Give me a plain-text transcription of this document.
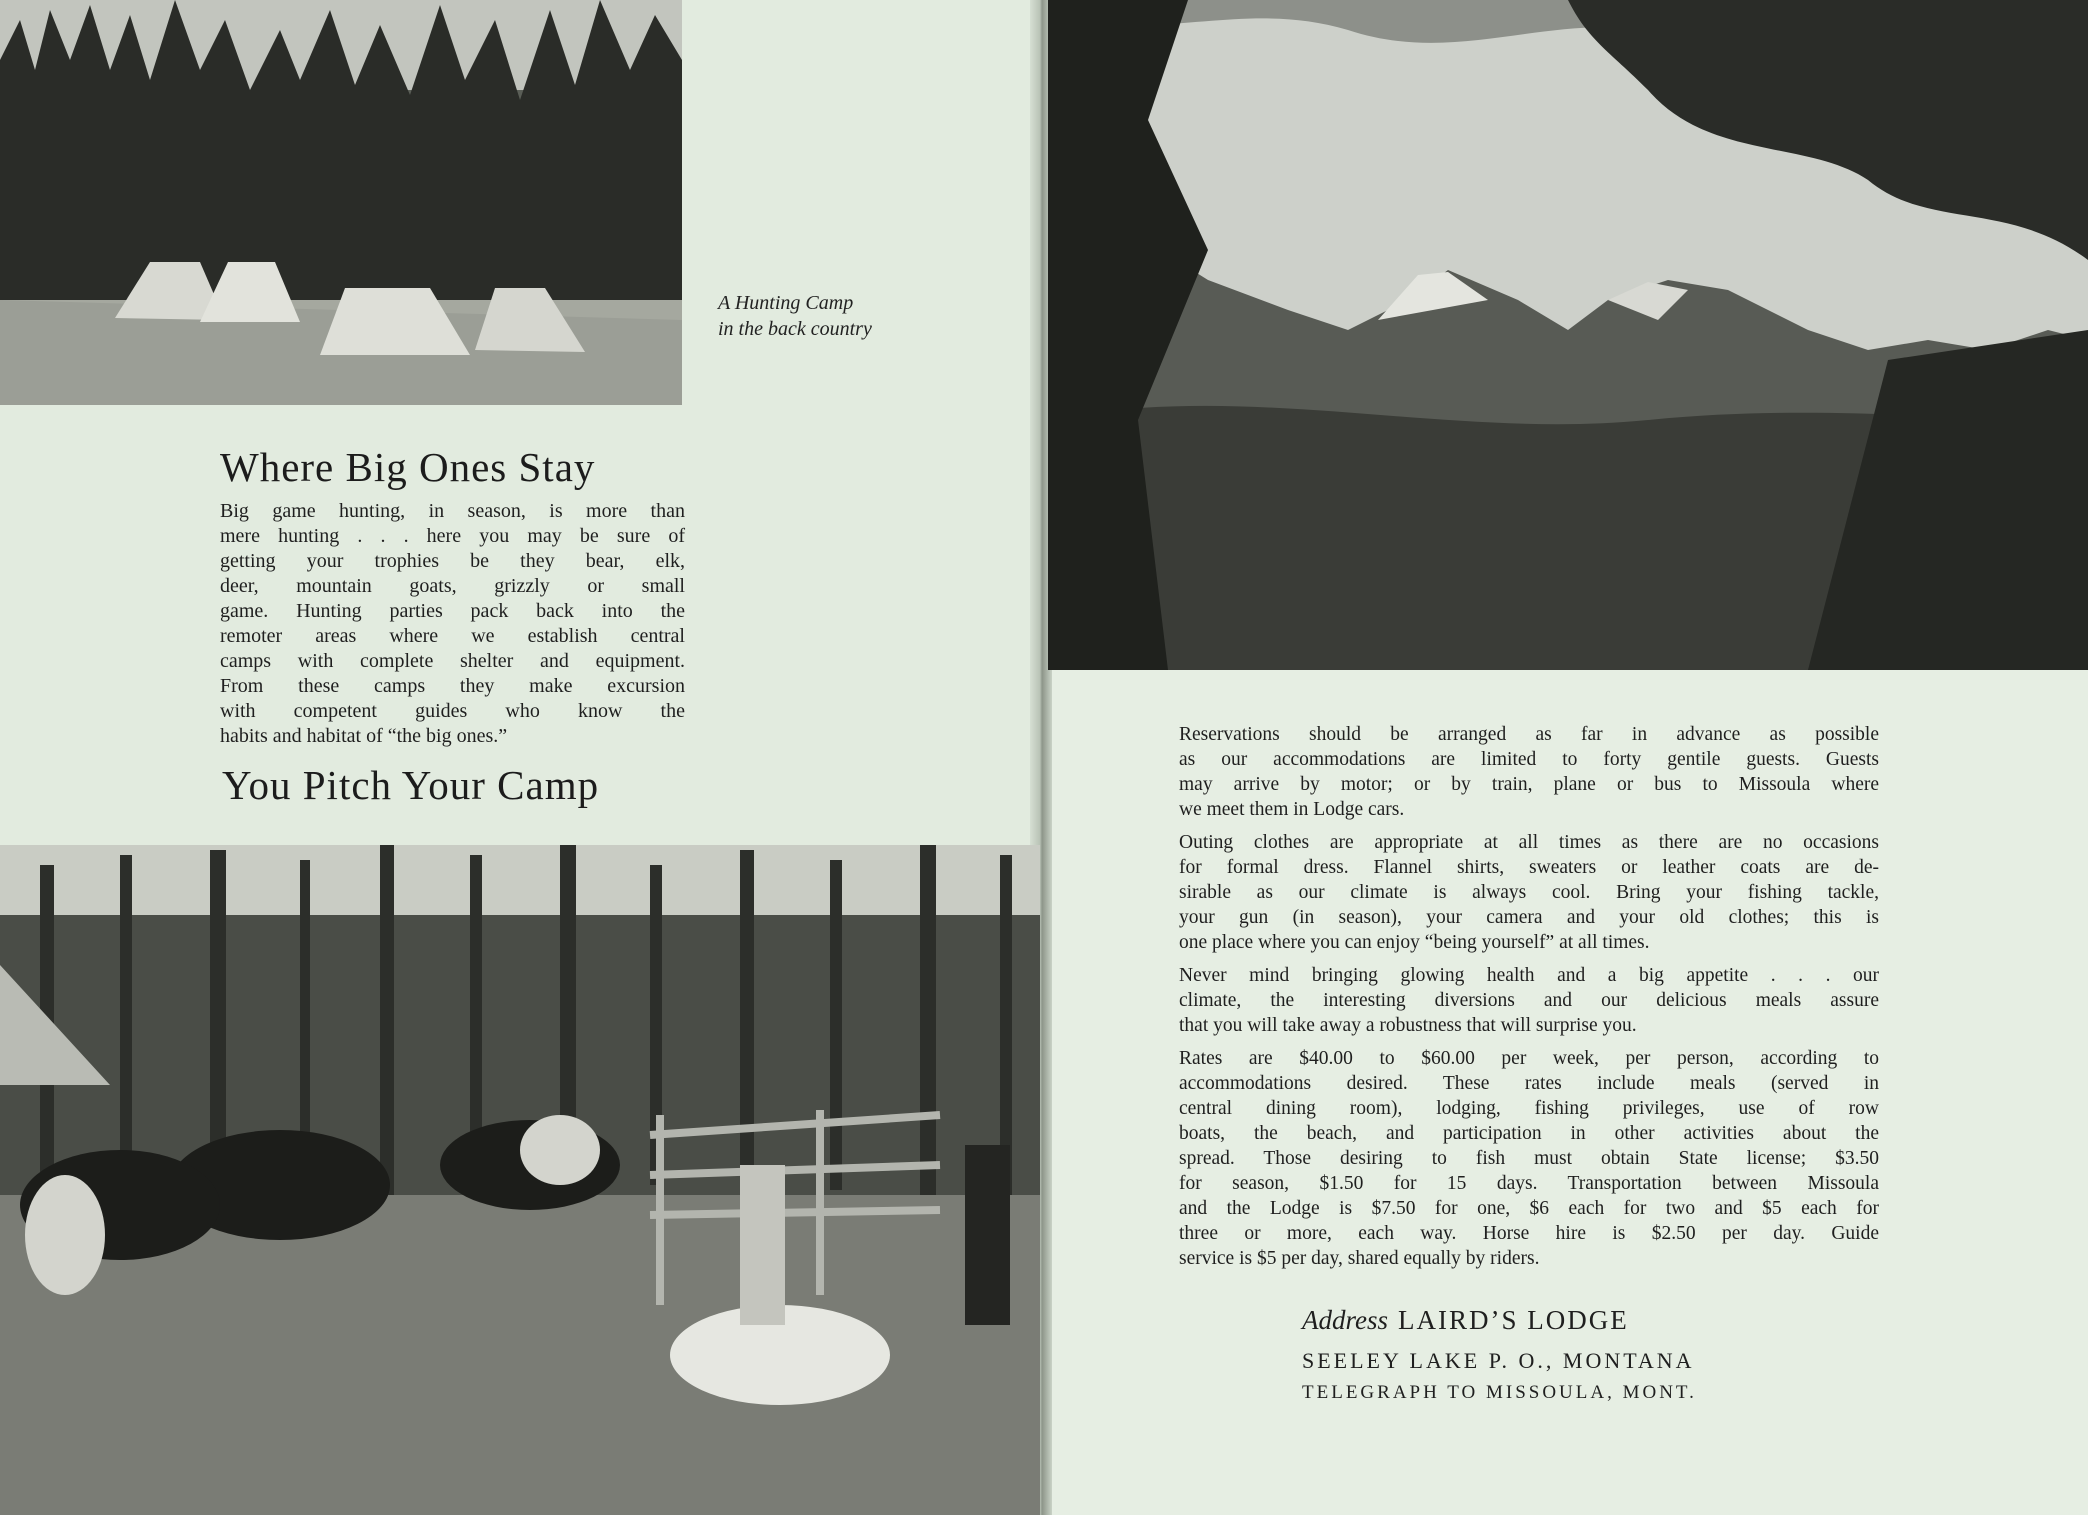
A Hunting Camp
in the back country
Where Big Ones Stay
Big game hunting, in season, is more than
mere hunting . . . here you may be sure of
getting your trophies be they bear, elk,
deer, mountain goats, grizzly or small
game. Hunting parties pack back into the
remoter areas where we establish central
camps with complete shelter and equipment.
From these camps they make excursion
with competent guides who know the
habits and habitat of “the big ones.”
You Pitch Your Camp
Reservations should be arranged as far in advance as possible
as our accommodations are limited to forty gentile guests. Guests
may arrive by motor; or by train, plane or bus to Missoula where
we meet them in Lodge cars.
Outing clothes are appropriate at all times as there are no occasions
for formal dress. Flannel shirts, sweaters or leather coats are de-
sirable as our climate is always cool. Bring your fishing tackle,
your gun (in season), your camera and your old clothes; this is
one place where you can enjoy “being yourself” at all times.
Never mind bringing glowing health and a big appetite . . . our
climate, the interesting diversions and our delicious meals assure
that you will take away a robustness that will surprise you.
Rates are $40.00 to $60.00 per week, per person, according to
accommodations desired. These rates include meals (served in
central dining room), lodging, fishing privileges, use of row
boats, the beach, and participation in other activities about the
spread. Those desiring to fish must obtain State license; $3.50
for season, $1.50 for 15 days. Transportation between Missoula
and the Lodge is $7.50 for one, $6 each for two and $5 each for
three or more, each way. Horse hire is $2.50 per day. Guide
service is $5 per day, shared equally by riders.
Address LAIRD’S LODGE
SEELEY LAKE P. O., MONTANA
TELEGRAPH TO MISSOULA, MONT.
